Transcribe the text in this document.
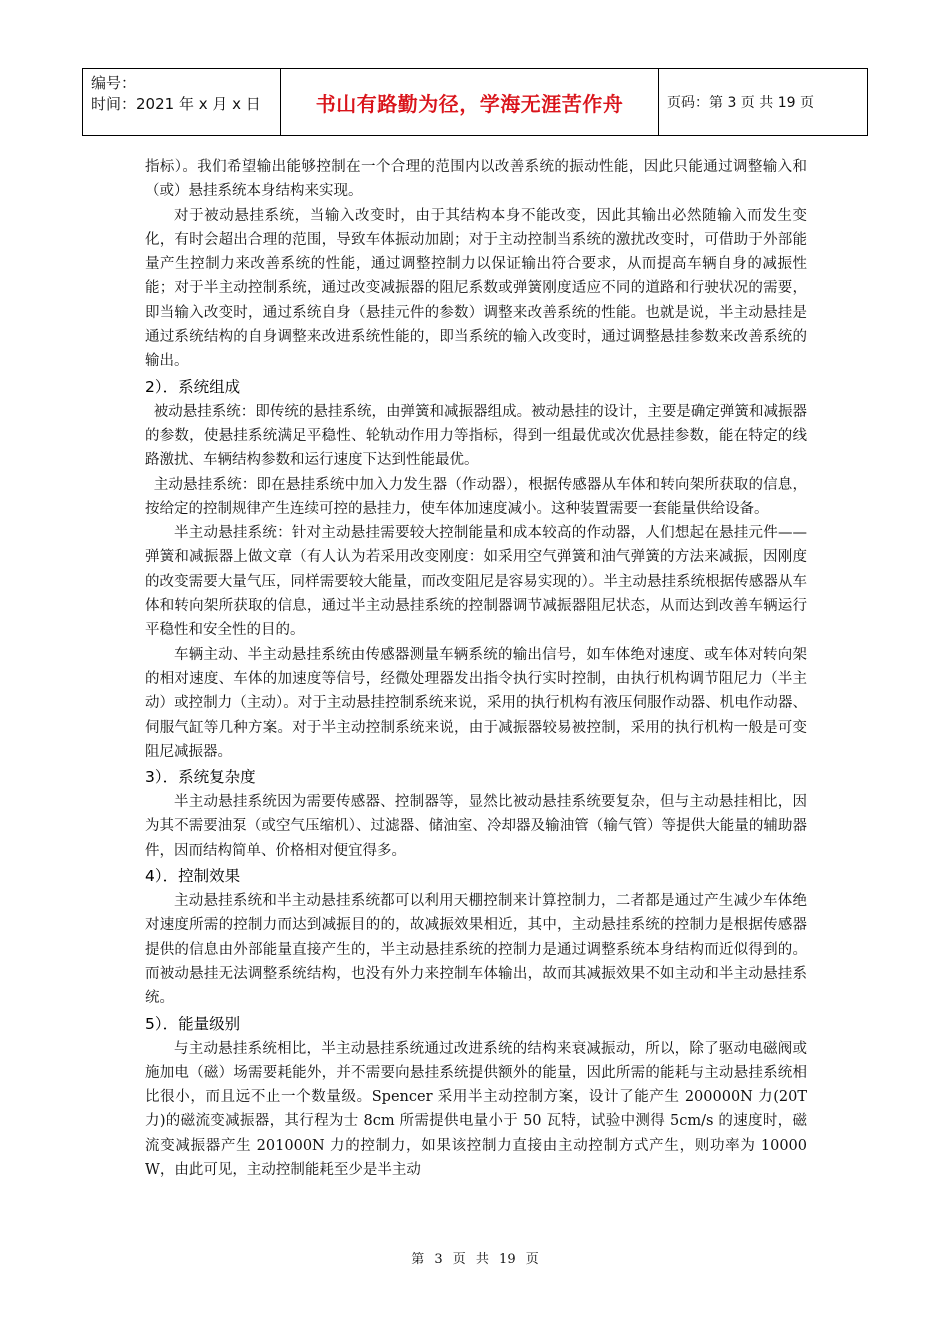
编号：
时间：2021 年 x 月 x 日	书山有路勤为径，学海无涯苦作舟	页码：第 3 页 共 19 页

指标）。我们希望输出能够控制在一个合理的范围内以改善系统的振动性能，因此只能通过调整输入和（或）悬挂系统本身结构来实现。

对于被动悬挂系统，当输入改变时，由于其结构本身不能改变，因此其输出必然随输入而发生变化，有时会超出合理的范围，导致车体振动加剧；对于主动控制当系统的激扰改变时，可借助于外部能量产生控制力来改善系统的性能，通过调整控制力以保证输出符合要求，从而提高车辆自身的减振性能；对于半主动控制系统，通过改变减振器的阻尼系数或弹簧刚度适应不同的道路和行驶状况的需要，即当输入改变时，通过系统自身（悬挂元件的参数）调整来改善系统的性能。也就是说，半主动悬挂是通过系统结构的自身调整来改进系统性能的，即当系统的输入改变时，通过调整悬挂参数来改善系统的输出。

2）．系统组成

被动悬挂系统：即传统的悬挂系统，由弹簧和减振器组成。被动悬挂的设计，主要是确定弹簧和减振器的参数，使悬挂系统满足平稳性、轮轨动作用力等指标，得到一组最优或次优悬挂参数，能在特定的线路激扰、车辆结构参数和运行速度下达到性能最优。

主动悬挂系统：即在悬挂系统中加入力发生器（作动器），根据传感器从车体和转向架所获取的信息，按给定的控制规律产生连续可控的悬挂力，使车体加速度减小。这种装置需要一套能量供给设备。

半主动悬挂系统：针对主动悬挂需要较大控制能量和成本较高的作动器，人们想起在悬挂元件——弹簧和减振器上做文章（有人认为若采用改变刚度：如采用空气弹簧和油气弹簧的方法来减振，因刚度的改变需要大量气压，同样需要较大能量，而改变阻尼是容易实现的）。半主动悬挂系统根据传感器从车体和转向架所获取的信息，通过半主动悬挂系统的控制器调节减振器阻尼状态，从而达到改善车辆运行平稳性和安全性的目的。

车辆主动、半主动悬挂系统由传感器测量车辆系统的输出信号，如车体绝对速度、或车体对转向架的相对速度、车体的加速度等信号，经微处理器发出指令执行实时控制，由执行机构调节阻尼力（半主动）或控制力（主动）。对于主动悬挂控制系统来说，采用的执行机构有液压伺服作动器、机电作动器、伺服气缸等几种方案。对于半主动控制系统来说，由于减振器较易被控制，采用的执行机构一般是可变阻尼减振器。

3）．系统复杂度

半主动悬挂系统因为需要传感器、控制器等，显然比被动悬挂系统要复杂，但与主动悬挂相比，因为其不需要油泵（或空气压缩机）、过滤器、储油室、冷却器及输油管（输气管）等提供大能量的辅助器件，因而结构简单、价格相对便宜得多。

4）．控制效果

主动悬挂系统和半主动悬挂系统都可以利用天棚控制来计算控制力，二者都是通过产生减少车体绝对速度所需的控制力而达到减振目的的，故减振效果相近，其中，主动悬挂系统的控制力是根据传感器提供的信息由外部能量直接产生的，半主动悬挂系统的控制力是通过调整系统本身结构而近似得到的。而被动悬挂无法调整系统结构，也没有外力来控制车体输出，故而其减振效果不如主动和半主动悬挂系统。

5）．能量级别

与主动悬挂系统相比，半主动悬挂系统通过改进系统的结构来衰减振动，所以，除了驱动电磁阀或施加电（磁）场需要耗能外，并不需要向悬挂系统提供额外的能量，因此所需的能耗与主动悬挂系统相比很小，而且远不止一个数量级。Spencer 采用半主动控制方案，设计了能产生 200000N 力(20T 力)的磁流变减振器，其行程为士 8cm 所需提供电量小于 50 瓦特，试验中测得 5cm/s 的速度时，磁流变减振器产生 201000N 力的控制力，如果该控制力直接由主动控制方式产生，则功率为 10000 W，由此可见，主动控制能耗至少是半主动

第 3 页 共 19 页
